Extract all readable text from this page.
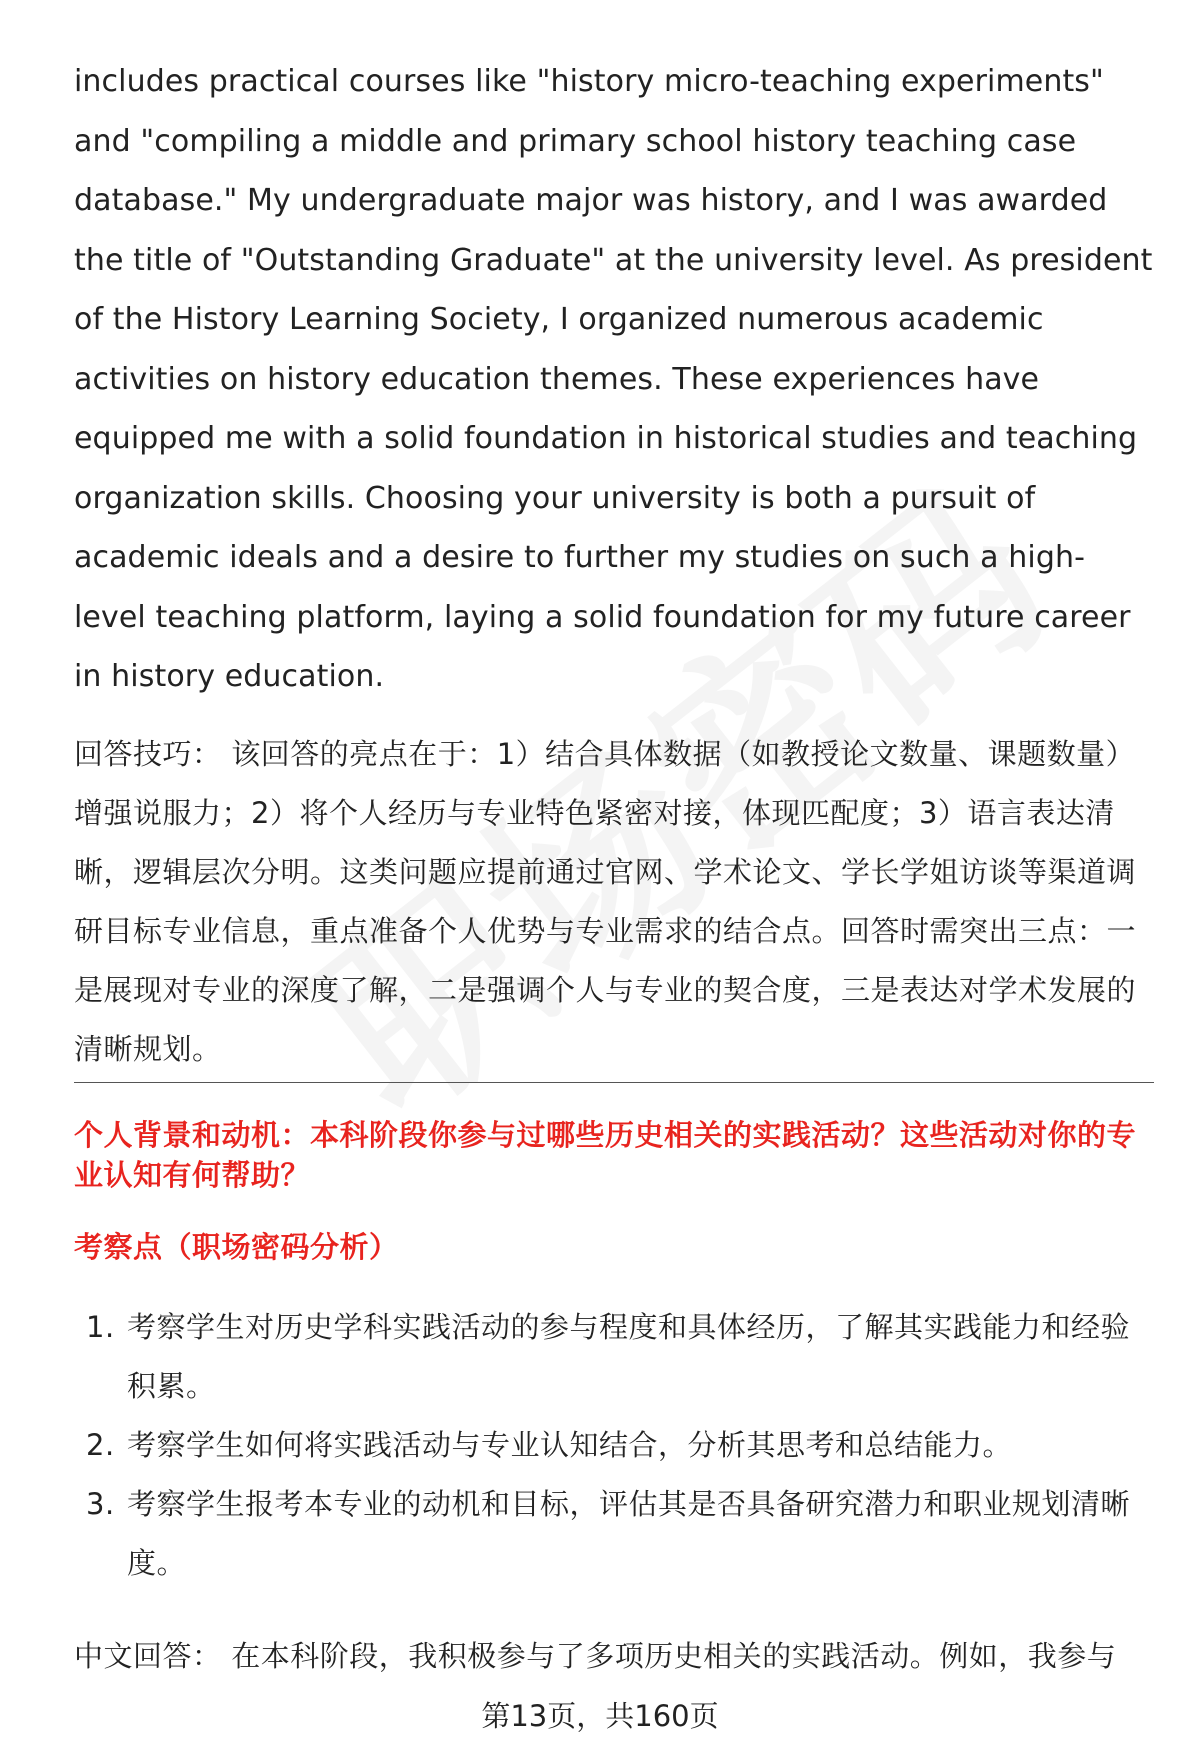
includes practical courses like "history micro-teaching experiments" and "compiling a middle and primary school history teaching case database." My undergraduate major was history, and I was awarded the title of "Outstanding Graduate" at the university level. As president of the History Learning Society, I organized numerous academic activities on history education themes. These experiences have equipped me with a solid foundation in historical studies and teaching organization skills. Choosing your university is both a pursuit of academic ideals and a desire to further my studies on such a high-level teaching platform, laying a solid foundation for my future career in history education.

回答技巧： 该回答的亮点在于：1）结合具体数据（如教授论文数量、课题数量）增强说服力；2）将个人经历与专业特色紧密对接，体现匹配度；3）语言表达清晰，逻辑层次分明。这类问题应提前通过官网、学术论文、学长学姐访谈等渠道调研目标专业信息，重点准备个人优势与专业需求的结合点。回答时需突出三点：一是展现对专业的深度了解，二是强调个人与专业的契合度，三是表达对学术发展的清晰规划。

个人背景和动机：本科阶段你参与过哪些历史相关的实践活动？这些活动对你的专业认知有何帮助？
考察点（职场密码分析）
1. 考察学生对历史学科实践活动的参与程度和具体经历，了解其实践能力和经验积累。
2. 考察学生如何将实践活动与专业认知结合，分析其思考和总结能力。
3. 考察学生报考本专业的动机和目标，评估其是否具备研究潜力和职业规划清晰度。

中文回答： 在本科阶段，我积极参与了多项历史相关的实践活动。例如，我参与

第13页，共160页
